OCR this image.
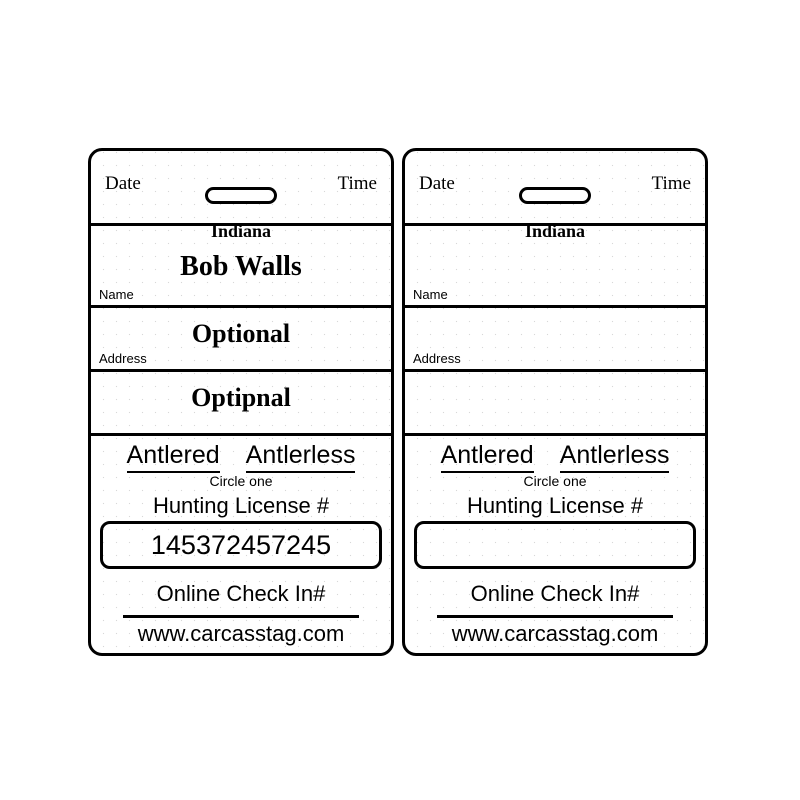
Date	Time
Indiana
Bob Walls
Name
Optional
Address
Optipnal
Antlered Antlerless
Circle one
Hunting License #
145372457245
Online Check In#
www.carcasstag.com
Date	Time
Indiana
Name
Address
Antlered Antlerless
Circle one
Hunting License #
Online Check In#
www.carcasstag.com
